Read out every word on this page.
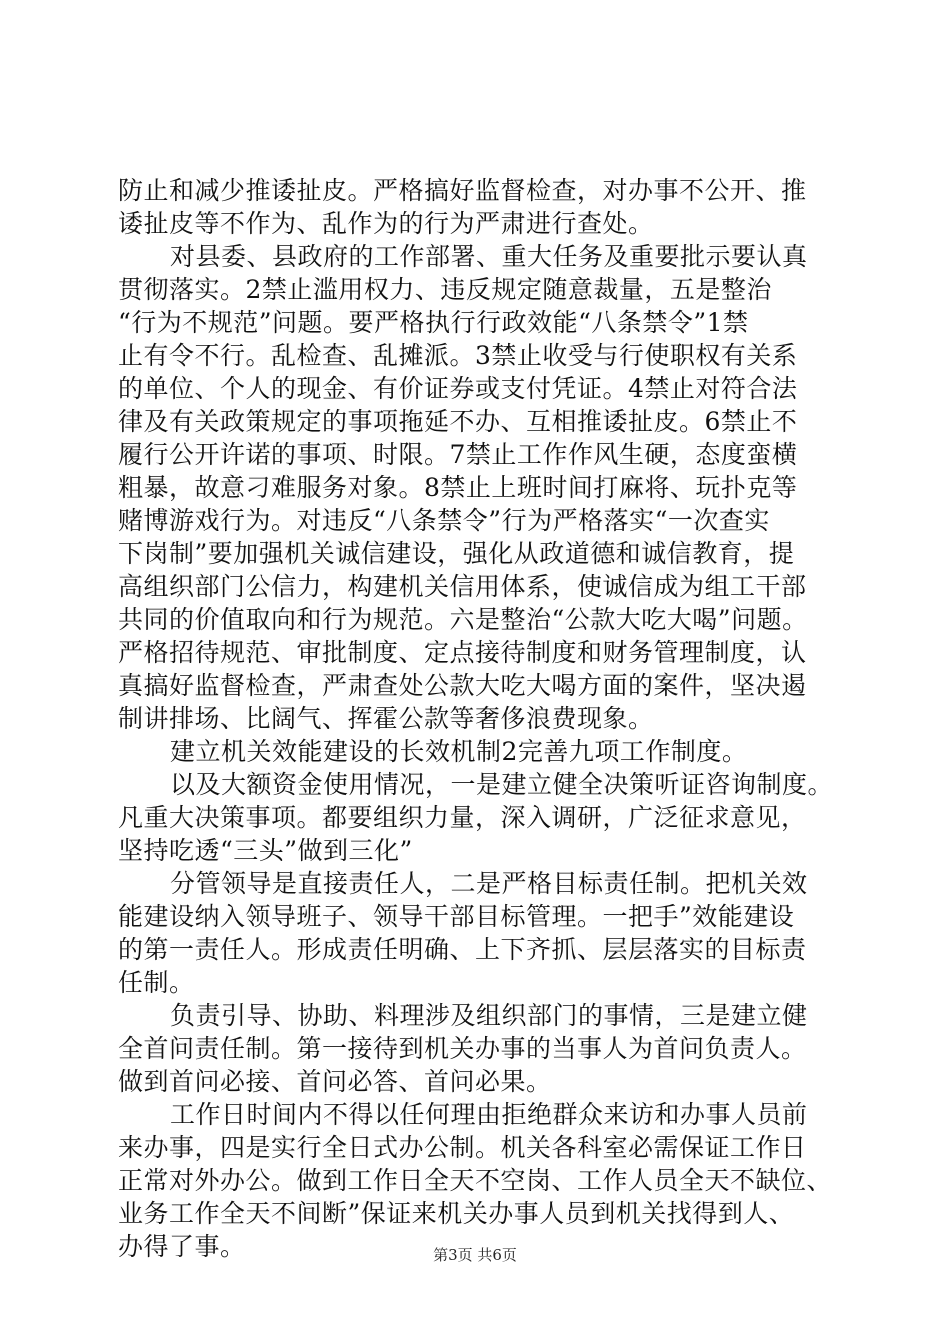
防止和减少推诿扯皮。严格搞好监督检查，对办事不公开、推
诿扯皮等不作为、乱作为的行为严肃进行查处。
对县委、县政府的工作部署、重大任务及重要批示要认真
贯彻落实。2禁止滥用权力、违反规定随意裁量，五是整治
“行为不规范”问题。要严格执行行政效能“八条禁令”1禁
止有令不行。乱检查、乱摊派。3禁止收受与行使职权有关系
的单位、个人的现金、有价证券或支付凭证。4禁止对符合法
律及有关政策规定的事项拖延不办、互相推诿扯皮。6禁止不
履行公开许诺的事项、时限。7禁止工作作风生硬，态度蛮横
粗暴，故意刁难服务对象。8禁止上班时间打麻将、玩扑克等
赌博游戏行为。对违反“八条禁令”行为严格落实“一次查实
下岗制”要加强机关诚信建设，强化从政道德和诚信教育，提
高组织部门公信力，构建机关信用体系，使诚信成为组工干部
共同的价值取向和行为规范。六是整治“公款大吃大喝”问题。
严格招待规范、审批制度、定点接待制度和财务管理制度，认
真搞好监督检查，严肃查处公款大吃大喝方面的案件，坚决遏
制讲排场、比阔气、挥霍公款等奢侈浪费现象。
建立机关效能建设的长效机制2完善九项工作制度。
以及大额资金使用情况，一是建立健全决策听证咨询制度。
凡重大决策事项。都要组织力量，深入调研，广泛征求意见，
坚持吃透“三头”做到三化”
分管领导是直接责任人，二是严格目标责任制。把机关效
能建设纳入领导班子、领导干部目标管理。一把手”效能建设
的第一责任人。形成责任明确、上下齐抓、层层落实的目标责
任制。
负责引导、协助、料理涉及组织部门的事情，三是建立健
全首问责任制。第一接待到机关办事的当事人为首问负责人。
做到首问必接、首问必答、首问必果。
工作日时间内不得以任何理由拒绝群众来访和办事人员前
来办事，四是实行全日式办公制。机关各科室必需保证工作日
正常对外办公。做到工作日全天不空岗、工作人员全天不缺位、
业务工作全天不间断”保证来机关办事人员到机关找得到人、
办得了事。	第3页 共6页
